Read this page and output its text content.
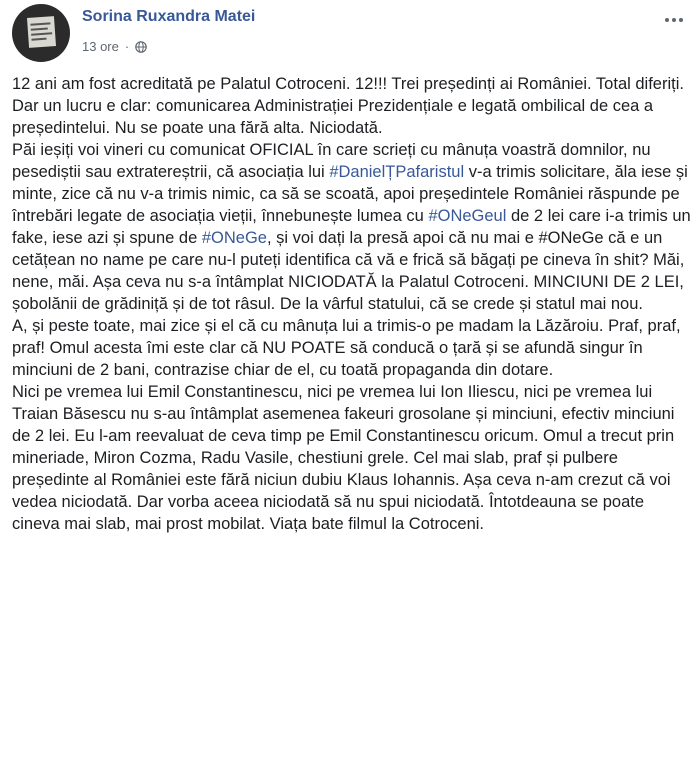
Sorina Ruxandra Matei
13 ore ·

12 ani am fost acreditată pe Palatul Cotroceni. 12!!! Trei președinți ai României. Total diferiți. Dar un lucru e clar: comunicarea Administrației Prezidențiale e legată ombilical de cea a președintelui. Nu se poate una fără alta. Niciodată.

Păi ieșiți voi vineri cu comunicat OFICIAL în care scrieți cu mânuța voastră domnilor, nu pesediștii sau extratereștrii, că asociația lui #DanielȚPafaristul v-a trimis solicitare, ăla iese și minte, zice că nu v-a trimis nimic, ca să se scoată, apoi președintele României răspunde pe întrebări legate de asociația vieții, înnebunește lumea cu #ONeGeul de 2 lei care i-a trimis un fake, iese azi și spune de #ONeGe, și voi dați la presă apoi că nu mai e #ONeGe că e un cetățean no name pe care nu-l puteți identifica că vă e frică să băgați pe cineva în shit? Măi, nene, măi. Așa ceva nu s-a întâmplat NICIODATĂ la Palatul Cotroceni. MINCIUNI DE 2 LEI, șobolănii de grădiniță și de tot râsul. De la vârful statului, că se crede și statul mai nou.

A, și peste toate, mai zice și el că cu mânuța lui a trimis-o pe madam la Lăzăroiu. Praf, praf, praf! Omul acesta îmi este clar că NU POATE să conducă o țară și se afundă singur în minciuni de 2 bani, contrazise chiar de el, cu toată propaganda din dotare.

Nici pe vremea lui Emil Constantinescu, nici pe vremea lui Ion Iliescu, nici pe vremea lui Traian Băsescu nu s-au întâmplat asemenea fakeuri grosolane și minciuni, efectiv minciuni de 2 lei. Eu l-am reevaluat de ceva timp pe Emil Constantinescu oricum. Omul a trecut prin mineriade, Miron Cozma, Radu Vasile, chestiuni grele. Cel mai slab, praf și pulbere președinte al României este fără niciun dubiu Klaus Iohannis. Așa ceva n-am crezut că voi vedea niciodată. Dar vorba aceea niciodată să nu spui niciodată. Întotdeauna se poate cineva mai slab, mai prost mobilat. Viața bate filmul la Cotroceni.
